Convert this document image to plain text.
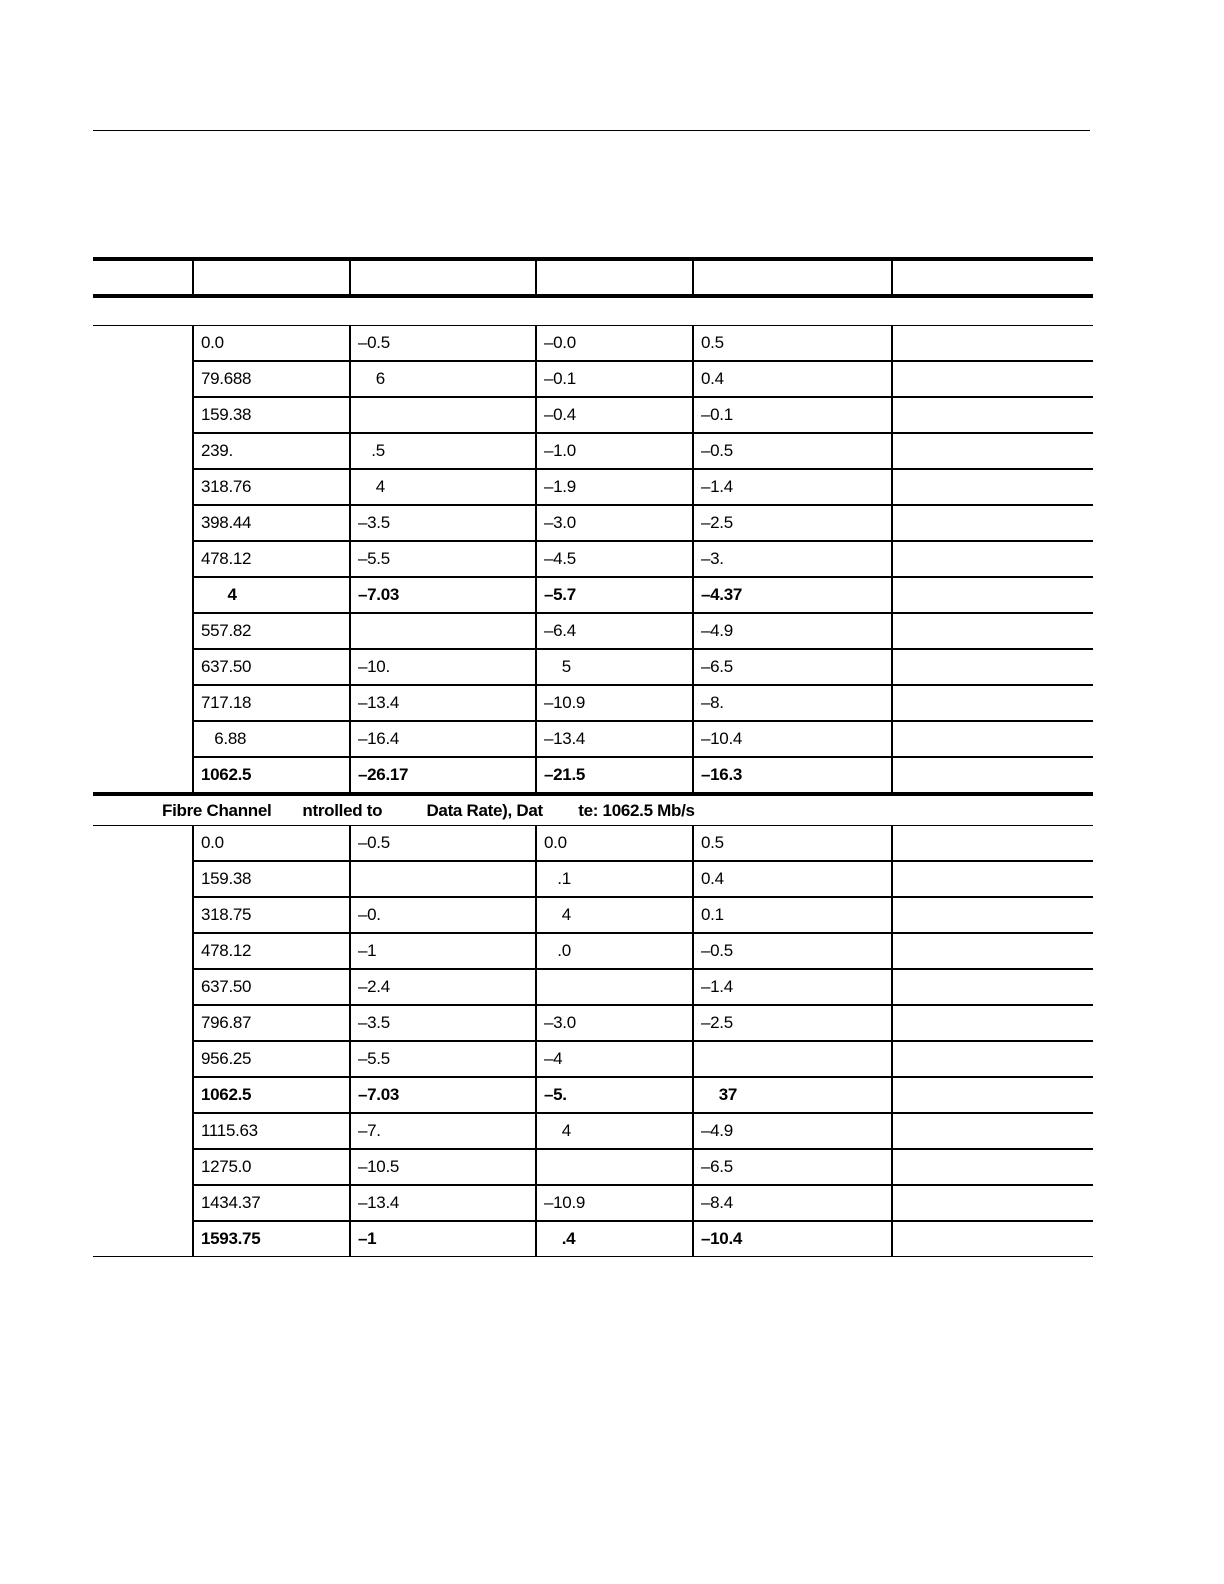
	0.0	–0.5	–0.0	0.5	
	79.688	6	–0.1	0.4	
	159.38		–0.4	–0.1	
	239.	.5	–1.0	–0.5	
	318.76	4	–1.9	–1.4	
	398.44	–3.5	–3.0	–2.5	
	478.12	–5.5	–4.5	–3.	
	4	–7.03	–5.7	–4.37	
	557.82		–6.4	–4.9	
	637.50	–10.	5	–6.5	
	717.18	–13.4	–10.9	–8.	
	6.88	–16.4	–13.4	–10.4	
	1062.5	–26.17	–21.5	–16.3	
Fibre Channel       ntrolled to          Data Rate), Dat        te: 1062.5 Mb/s					
	0.0	–0.5	0.0	0.5	
	159.38		.1	0.4	
	318.75	–0.	4	0.1	
	478.12	–1	.0	–0.5	
	637.50	–2.4		–1.4	
	796.87	–3.5	–3.0	–2.5	
	956.25	–5.5	–4		
	1062.5	–7.03	–5.	37	
	1115.63	–7.	4	–4.9	
	1275.0	–10.5		–6.5	
	1434.37	–13.4	–10.9	–8.4	
	1593.75	–1	.4	–10.4	
